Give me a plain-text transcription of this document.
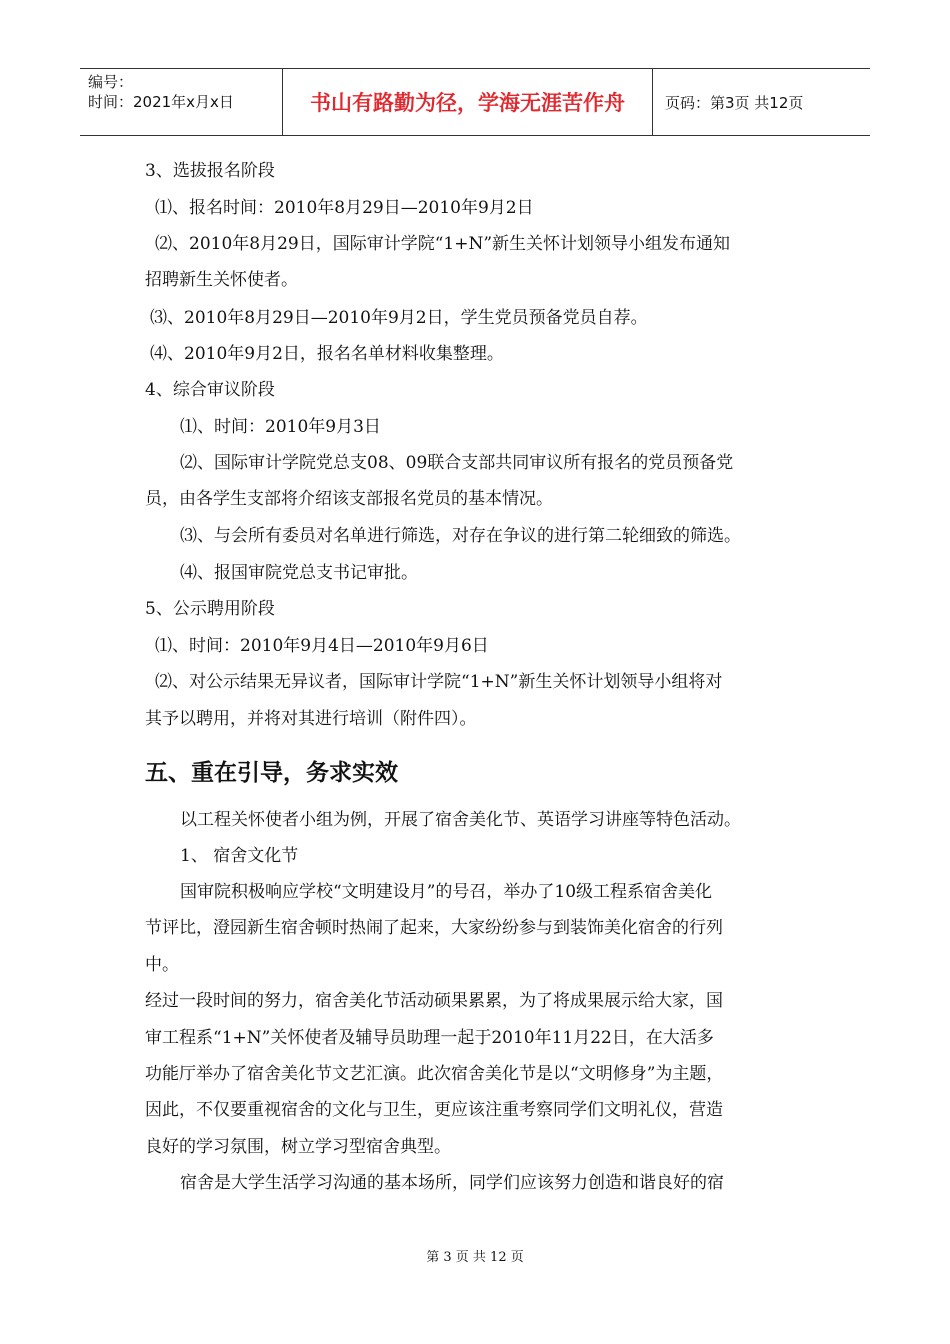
编号：
时间：2021年x月x日	书山有路勤为径，学海无涯苦作舟	页码：第3页 共12页
3、选拔报名阶段
⑴、报名时间：2010年8月29日—2010年9月2日
⑵、2010年8月29日，国际审计学院“1+N”新生关怀计划领导小组发布通知
招聘新生关怀使者。
⑶、2010年8月29日—2010年9月2日，学生党员预备党员自荐。
⑷、2010年9月2日，报名名单材料收集整理。
4、综合审议阶段
⑴、时间：2010年9月3日
⑵、国际审计学院党总支08、09联合支部共同审议所有报名的党员预备党
员，由各学生支部将介绍该支部报名党员的基本情况。
⑶、与会所有委员对名单进行筛选，对存在争议的进行第二轮细致的筛选。
⑷、报国审院党总支书记审批。
5、公示聘用阶段
⑴、时间：2010年9月4日—2010年9月6日
⑵、对公示结果无异议者，国际审计学院“1+N”新生关怀计划领导小组将对
其予以聘用，并将对其进行培训（附件四）。
五、重在引导，务求实效
以工程关怀使者小组为例，开展了宿舍美化节、英语学习讲座等特色活动。
1、 宿舍文化节
国审院积极响应学校“文明建设月”的号召，举办了10级工程系宿舍美化
节评比，澄园新生宿舍顿时热闹了起来，大家纷纷参与到装饰美化宿舍的行列
中。
经过一段时间的努力，宿舍美化节活动硕果累累，为了将成果展示给大家，国
审工程系“1+N”关怀使者及辅导员助理一起于2010年11月22日，在大活多
功能厅举办了宿舍美化节文艺汇演。此次宿舍美化节是以“文明修身”为主题，
因此，不仅要重视宿舍的文化与卫生，更应该注重考察同学们文明礼仪，营造
良好的学习氛围，树立学习型宿舍典型。
宿舍是大学生活学习沟通的基本场所，同学们应该努力创造和谐良好的宿
第 3 页 共 12 页
